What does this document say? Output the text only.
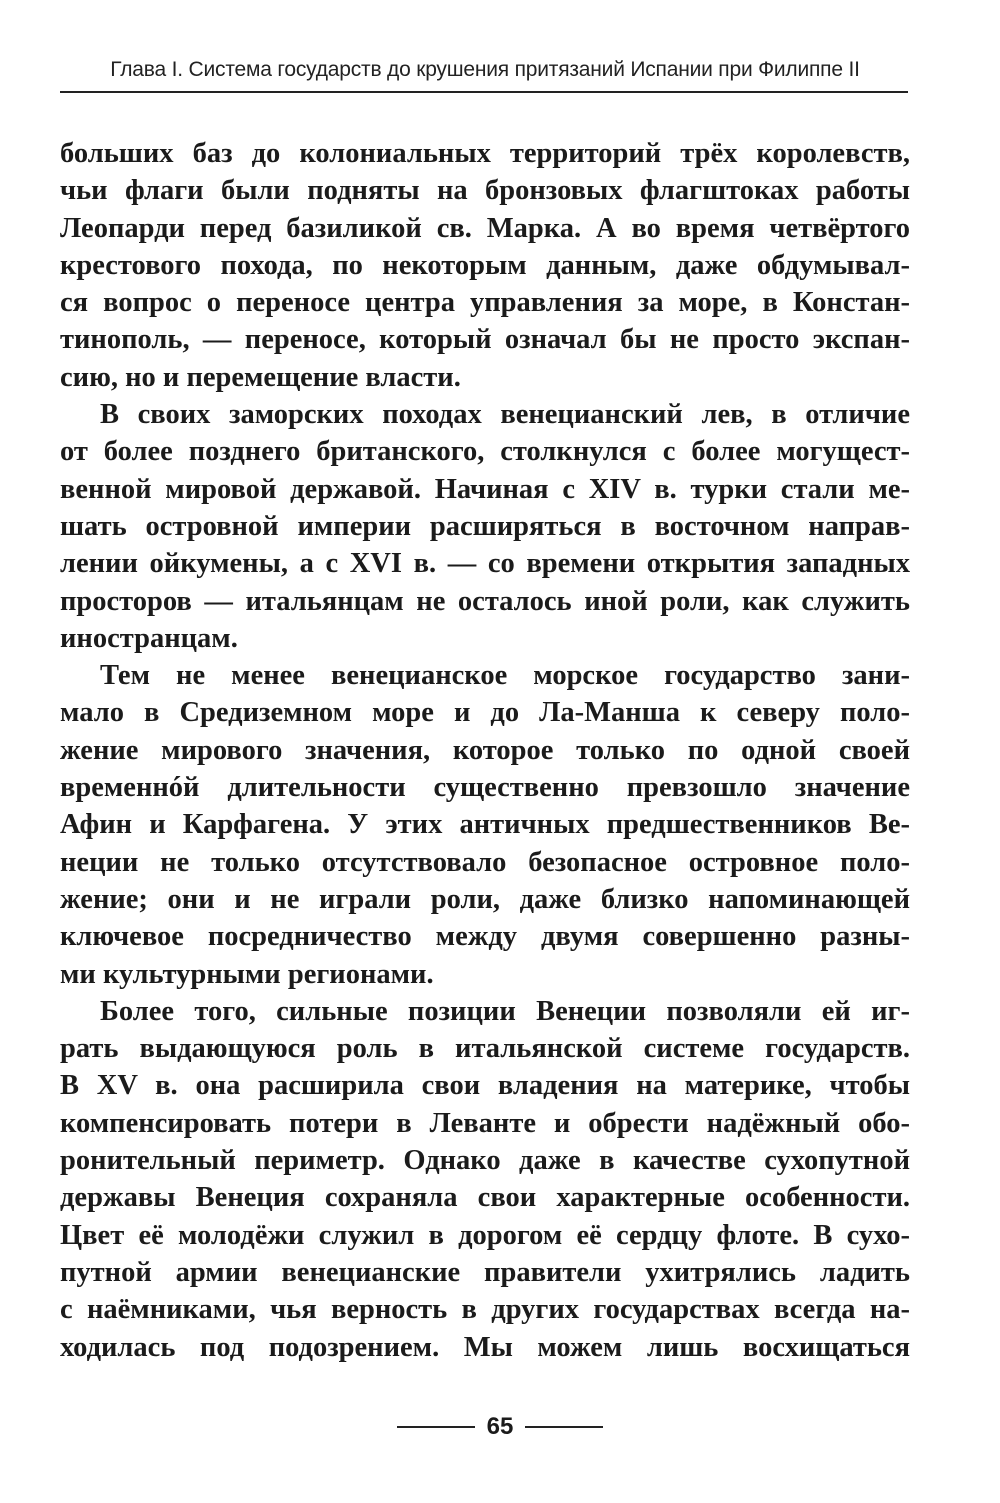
Глава I. Система государств до крушения притязаний Испании при Филиппе II
больших баз до колониальных территорий трёх королевств,
чьи флаги были подняты на бронзовых флагштоках работы
Леопарди перед базиликой св. Марка. А во время четвёртого
крестового похода, по некоторым данным, даже обдумывал-
ся вопрос о переносе центра управления за море, в Констан-
тинополь, — переносе, который означал бы не просто экспан-
сию, но и перемещение власти.
В своих заморских походах венецианский лев, в отличие
от более позднего британского, столкнулся с более могущест-
венной мировой державой. Начиная с XIV в. турки стали ме-
шать островной империи расширяться в восточном направ-
лении ойкумены, а с XVI в. — со времени открытия западных
просторов — итальянцам не осталось иной роли, как служить
иностранцам.
Тем не менее венецианское морское государство зани-
мало в Средиземном море и до Ла-Манша к северу поло-
жение мирового значения, которое только по одной своей
временнóй длительности существенно превзошло значение
Афин и Карфагена. У этих античных предшественников Ве-
неции не только отсутствовало безопасное островное поло-
жение; они и не играли роли, даже близко напоминающей
ключевое посредничество между двумя совершенно разны-
ми культурными регионами.
Более того, сильные позиции Венеции позволяли ей иг-
рать выдающуюся роль в итальянской системе государств.
В XV в. она расширила свои владения на материке, чтобы
компенсировать потери в Леванте и обрести надёжный обо-
ронительный периметр. Однако даже в качестве сухопутной
державы Венеция сохраняла свои характерные особенности.
Цвет её молодёжи служил в дорогом её сердцу флоте. В сухо-
путной армии венецианские правители ухитрялись ладить
с наёмниками, чья верность в других государствах всегда на-
ходилась под подозрением. Мы можем лишь восхищаться
65
